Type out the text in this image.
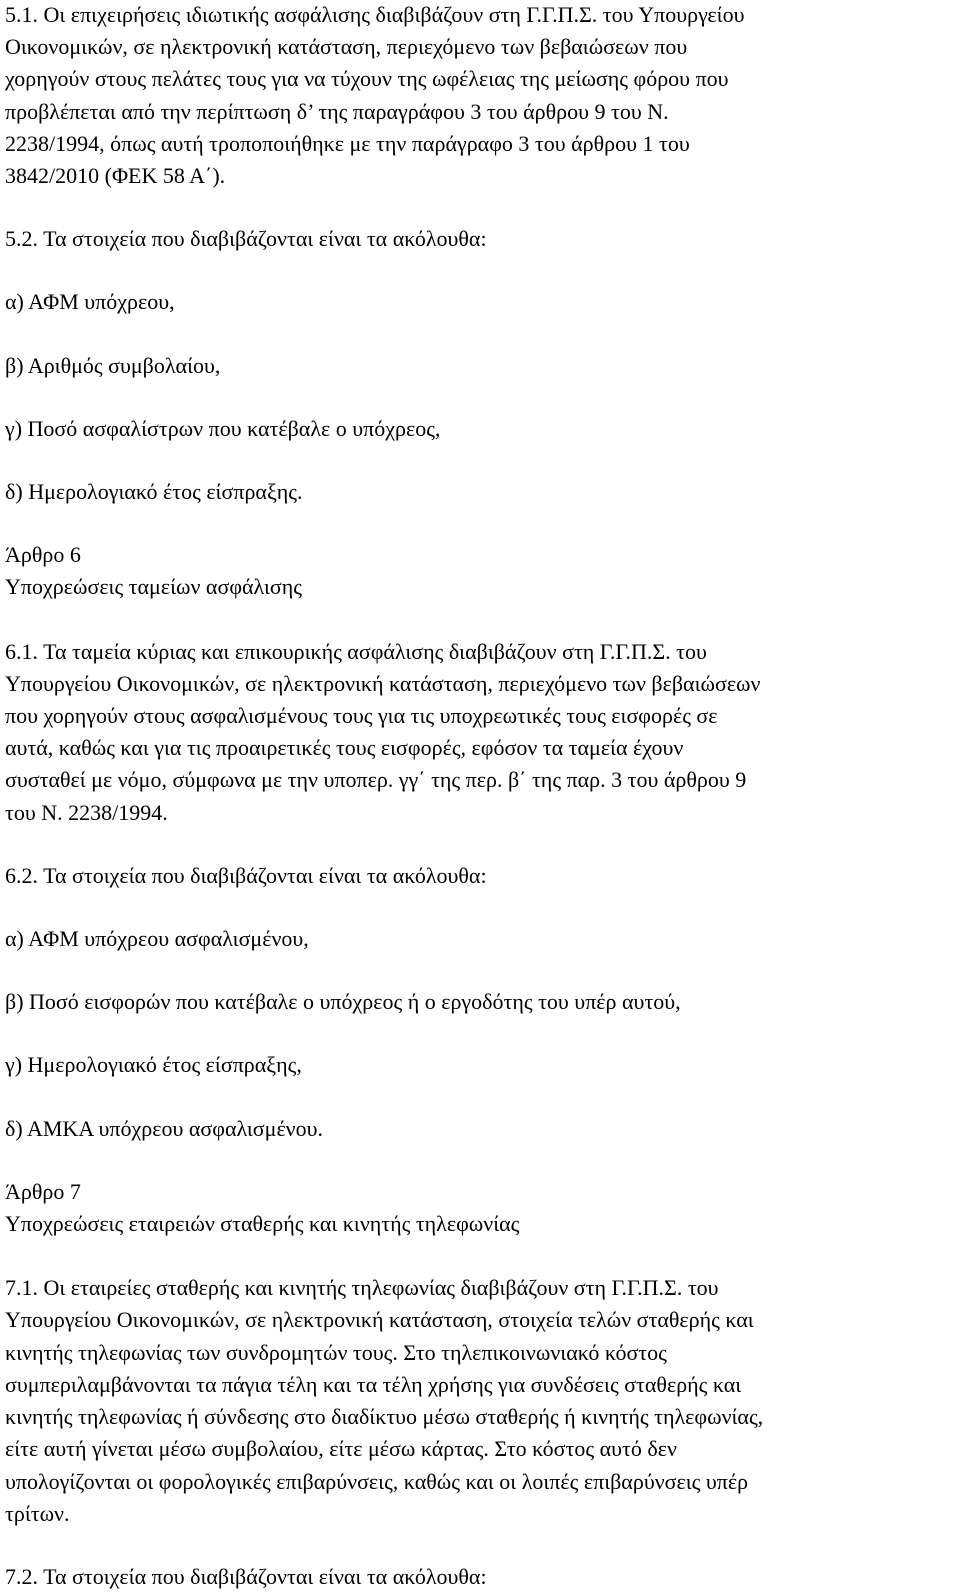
5.1. Οι επιχειρήσεις ιδιωτικής ασφάλισης διαβιβάζουν στη Γ.Γ.Π.Σ. του Υπουργείου
Οικονομικών, σε ηλεκτρονική κατάσταση, περιεχόμενο των βεβαιώσεων που
χορηγούν στους πελάτες τους για να τύχουν της ωφέλειας της μείωσης φόρου που
προβλέπεται από την περίπτωση δ’ της παραγράφου 3 του άρθρου 9 του Ν.
2238/1994, όπως αυτή τροποποιήθηκε με την παράγραφο 3 του άρθρου 1 του
3842/2010 (ΦΕΚ 58 Α΄).
5.2. Τα στοιχεία που διαβιβάζονται είναι τα ακόλουθα:
α) ΑΦΜ υπόχρεου,
β) Αριθμός συμβολαίου,
γ) Ποσό ασφαλίστρων που κατέβαλε ο υπόχρεος,
δ) Ημερολογιακό έτος είσπραξης.
Άρθρο 6
Υποχρεώσεις ταμείων ασφάλισης
6.1. Τα ταμεία κύριας και επικουρικής ασφάλισης διαβιβάζουν στη Γ.Γ.Π.Σ. του
Υπουργείου Οικονομικών, σε ηλεκτρονική κατάσταση, περιεχόμενο των βεβαιώσεων
που χορηγούν στους ασφαλισμένους τους για τις υποχρεωτικές τους εισφορές σε
αυτά, καθώς και για τις προαιρετικές τους εισφορές, εφόσον τα ταμεία έχουν
συσταθεί με νόμο, σύμφωνα με την υποπερ. γγ΄ της περ. β΄ της παρ. 3 του άρθρου 9
του Ν. 2238/1994.
6.2. Τα στοιχεία που διαβιβάζονται είναι τα ακόλουθα:
α) ΑΦΜ υπόχρεου ασφαλισμένου,
β) Ποσό εισφορών που κατέβαλε ο υπόχρεος ή ο εργοδότης του υπέρ αυτού,
γ) Ημερολογιακό έτος είσπραξης,
δ) ΑΜΚΑ υπόχρεου ασφαλισμένου.
Άρθρο 7
Υποχρεώσεις εταιρειών σταθερής και κινητής τηλεφωνίας
7.1. Οι εταιρείες σταθερής και κινητής τηλεφωνίας διαβιβάζουν στη Γ.Γ.Π.Σ. του
Υπουργείου Οικονομικών, σε ηλεκτρονική κατάσταση, στοιχεία τελών σταθερής και
κινητής τηλεφωνίας των συνδρομητών τους. Στο τηλεπικοινωνιακό κόστος
συμπεριλαμβάνονται τα πάγια τέλη και τα τέλη χρήσης για συνδέσεις σταθερής και
κινητής τηλεφωνίας ή σύνδεσης στο διαδίκτυο μέσω σταθερής ή κινητής τηλεφωνίας,
είτε αυτή γίνεται μέσω συμβολαίου, είτε μέσω κάρτας. Στο κόστος αυτό δεν
υπολογίζονται οι φορολογικές επιβαρύνσεις, καθώς και οι λοιπές επιβαρύνσεις υπέρ
τρίτων.
7.2. Τα στοιχεία που διαβιβάζονται είναι τα ακόλουθα:
